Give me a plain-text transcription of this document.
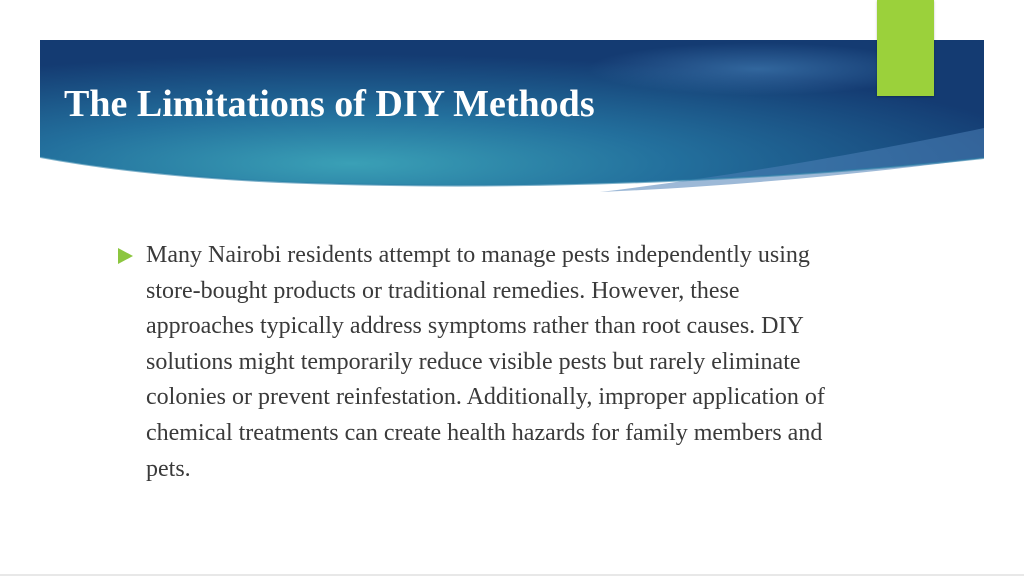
The Limitations of DIY Methods
Many Nairobi residents attempt to manage pests independently using store-bought products or traditional remedies. However, these approaches typically address symptoms rather than root causes. DIY solutions might temporarily reduce visible pests but rarely eliminate colonies or prevent reinfestation. Additionally, improper application of chemical treatments can create health hazards for family members and pets.
